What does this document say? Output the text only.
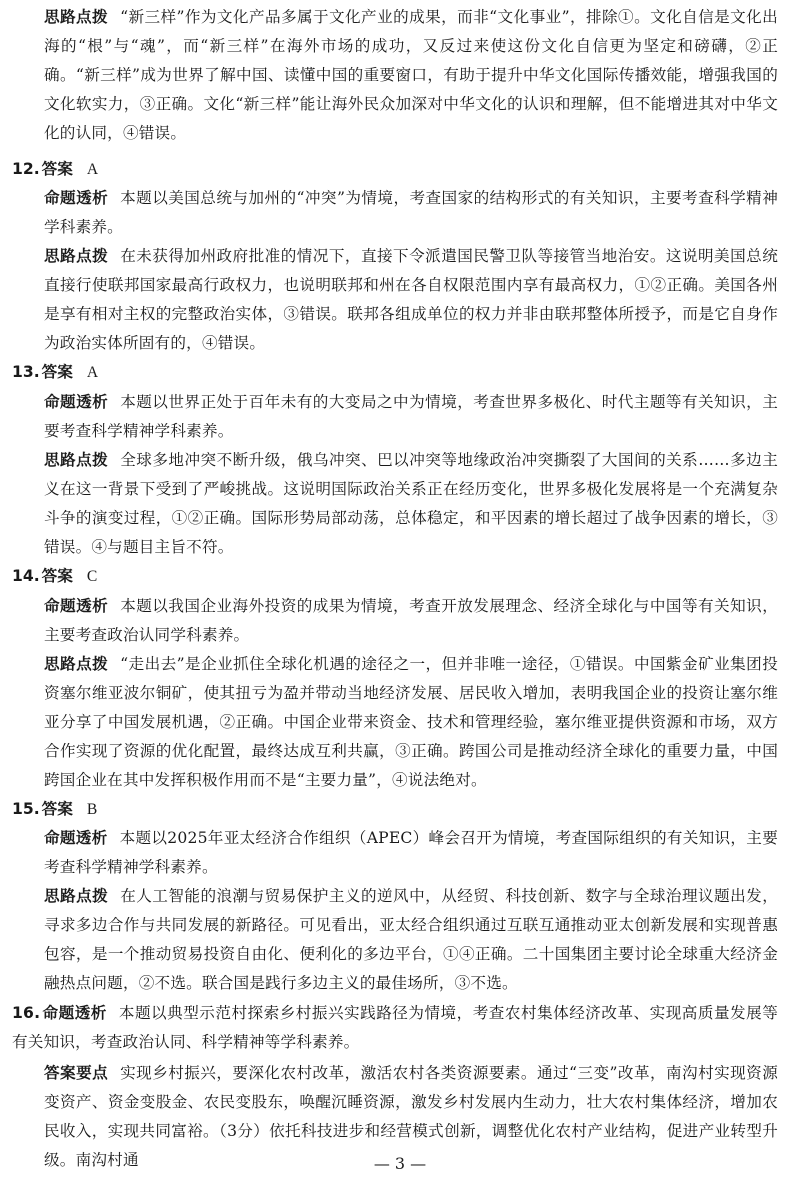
思路点拨 “新三样”作为文化产品多属于文化产业的成果，而非“文化事业”，排除①。文化自信是文化出海的“根”与“魂”，而“新三样”在海外市场的成功，又反过来使这份文化自信更为坚定和磅礴，②正确。“新三样”成为世界了解中国、读懂中国的重要窗口，有助于提升中华文化国际传播效能，增强我国的文化软实力，③正确。文化“新三样”能让海外民众加深对中华文化的认识和理解，但不能增进其对中华文化的认同，④错误。
12. 答案 A
命题透析 本题以美国总统与加州的“冲突”为情境，考查国家的结构形式的有关知识，主要考查科学精神学科素养。
思路点拨 在未获得加州政府批准的情况下，直接下令派遣国民警卫队等接管当地治安。这说明美国总统直接行使联邦国家最高行政权力，也说明联邦和州在各自权限范围内享有最高权力，①②正确。美国各州是享有相对主权的完整政治实体，③错误。联邦各组成单位的权力并非由联邦整体所授予，而是它自身作为政治实体所固有的，④错误。
13. 答案 A
命题透析 本题以世界正处于百年未有的大变局之中为情境，考查世界多极化、时代主题等有关知识，主要考查科学精神学科素养。
思路点拨 全球多地冲突不断升级，俄乌冲突、巴以冲突等地缘政治冲突撕裂了大国间的关系……多边主义在这一背景下受到了严峻挑战。这说明国际政治关系正在经历变化，世界多极化发展将是一个充满复杂斗争的演变过程，①②正确。国际形势局部动荡，总体稳定，和平因素的增长超过了战争因素的增长，③错误。④与题目主旨不符。
14. 答案 C
命题透析 本题以我国企业海外投资的成果为情境，考查开放发展理念、经济全球化与中国等有关知识，主要考查政治认同学科素养。
思路点拨 “走出去”是企业抓住全球化机遇的途径之一，但并非唯一途径，①错误。中国紫金矿业集团投资塞尔维亚波尔铜矿，使其扭亏为盈并带动当地经济发展、居民收入增加，表明我国企业的投资让塞尔维亚分享了中国发展机遇，②正确。中国企业带来资金、技术和管理经验，塞尔维亚提供资源和市场，双方合作实现了资源的优化配置，最终达成互利共赢，③正确。跨国公司是推动经济全球化的重要力量，中国跨国企业在其中发挥积极作用而不是“主要力量”，④说法绝对。
15. 答案 B
命题透析 本题以2025年亚太经济合作组织（APEC）峰会召开为情境，考查国际组织的有关知识，主要考查科学精神学科素养。
思路点拨 在人工智能的浪潮与贸易保护主义的逆风中，从经贸、科技创新、数字与全球治理议题出发，寻求多边合作与共同发展的新路径。可见看出，亚太经合组织通过互联互通推动亚太创新发展和实现普惠包容，是一个推动贸易投资自由化、便利化的多边平台，①④正确。二十国集团主要讨论全球重大经济金融热点问题，②不选。联合国是践行多边主义的最佳场所，③不选。
16. 命题透析 本题以典型示范村探索乡村振兴实践路径为情境，考查农村集体经济改革、实现高质量发展等有关知识，考查政治认同、科学精神等学科素养。
答案要点 实现乡村振兴，要深化农村改革，激活农村各类资源要素。通过“三变”改革，南沟村实现资源变资产、资金变股金、农民变股东，唤醒沉睡资源，激发乡村发展内生动力，壮大农村集体经济，增加农民收入，实现共同富裕。（3分）依托科技进步和经营模式创新，调整优化农村产业结构，促进产业转型升级。南沟村通	— 3 —
